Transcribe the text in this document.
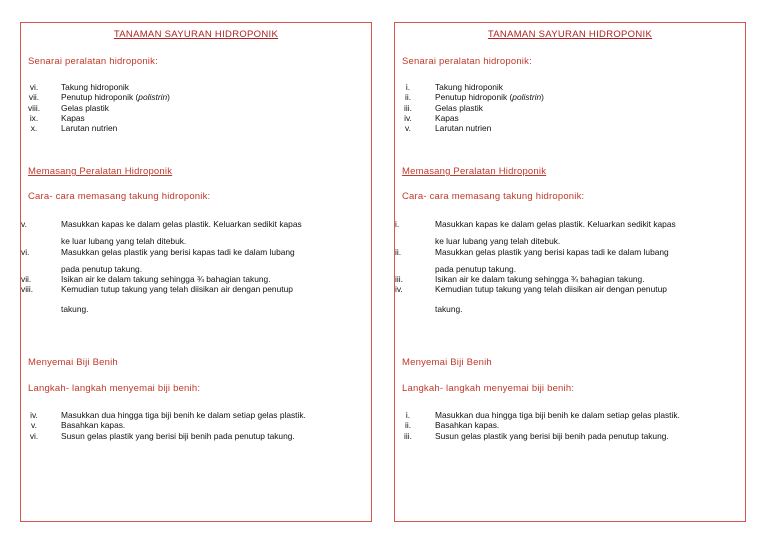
TANAMAN SAYURAN HIDROPONIK
Senarai peralatan hidroponik:
vi.	Takung hidroponik
vii.	Penutup hidroponik (polistrin)
viii.	Gelas plastik
ix.	Kapas
x.	Larutan nutrien
Memasang Peralatan Hidroponik
Cara- cara memasang takung hidroponik:
v.	Masukkan kapas ke dalam gelas plastik. Keluarkan sedikit kapas
ke luar lubang yang telah ditebuk.
vi.	Masukkan gelas plastik yang berisi kapas tadi ke dalam lubang
pada penutup takung.
vii.	Isikan air ke dalam takung sehingga ¾ bahagian takung.
viii.	Kemudian tutup takung yang telah diisikan air dengan penutup
takung.
Menyemai Biji Benih
Langkah- langkah menyemai biji benih:
iv.	Masukkan dua hingga tiga biji benih ke dalam setiap gelas plastik.
v.	Basahkan kapas.
vi.	Susun gelas plastik yang berisi biji benih pada penutup takung.
TANAMAN SAYURAN HIDROPONIK
Senarai peralatan hidroponik:
i.	Takung hidroponik
ii.	Penutup hidroponik (polistrin)
iii.	Gelas plastik
iv.	Kapas
v.	Larutan nutrien
Memasang Peralatan Hidroponik
Cara- cara memasang takung hidroponik:
i.	Masukkan kapas ke dalam gelas plastik. Keluarkan sedikit kapas
ke luar lubang yang telah ditebuk.
ii.	Masukkan gelas plastik yang berisi kapas tadi ke dalam lubang
pada penutup takung.
iii.	Isikan air ke dalam takung sehingga ¾ bahagian takung.
iv.	Kemudian tutup takung yang telah diisikan air dengan penutup
takung.
Menyemai Biji Benih
Langkah- langkah menyemai biji benih:
i.	Masukkan dua hingga tiga biji benih ke dalam setiap gelas plastik.
ii.	Basahkan kapas.
iii.	Susun gelas plastik yang berisi biji benih pada penutup takung.
